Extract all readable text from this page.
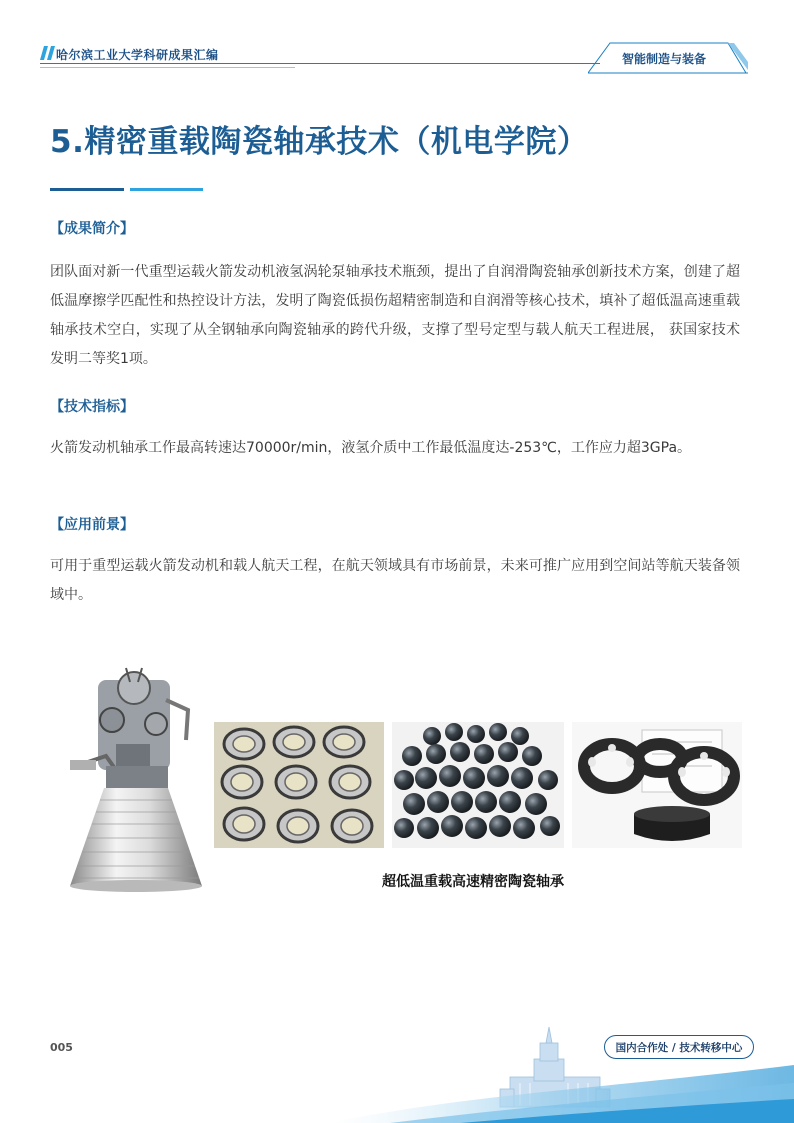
哈尔滨工业大学科研成果汇编	智能制造与装备
5.精密重载陶瓷轴承技术（机电学院）
【成果简介】
团队面对新一代重型运载火箭发动机液氢涡轮泵轴承技术瓶颈，提出了自润滑陶瓷轴承创新技术方案，创建了超低温摩擦学匹配性和热控设计方法，发明了陶瓷低损伤超精密制造和自润滑等核心技术，填补了超低温高速重载轴承技术空白，实现了从全钢轴承向陶瓷轴承的跨代升级，支撑了型号定型与载人航天工程进展， 获国家技术发明二等奖1项。
【技术指标】
火箭发动机轴承工作最高转速达70000r/min，液氢介质中工作最低温度达-253℃，工作应力超3GPa。
【应用前景】
可用于重型运载火箭发动机和载人航天工程，在航天领域具有市场前景，未来可推广应用到空间站等航天装备领域中。
超低温重载高速精密陶瓷轴承
005	国内合作处 / 技术转移中心
